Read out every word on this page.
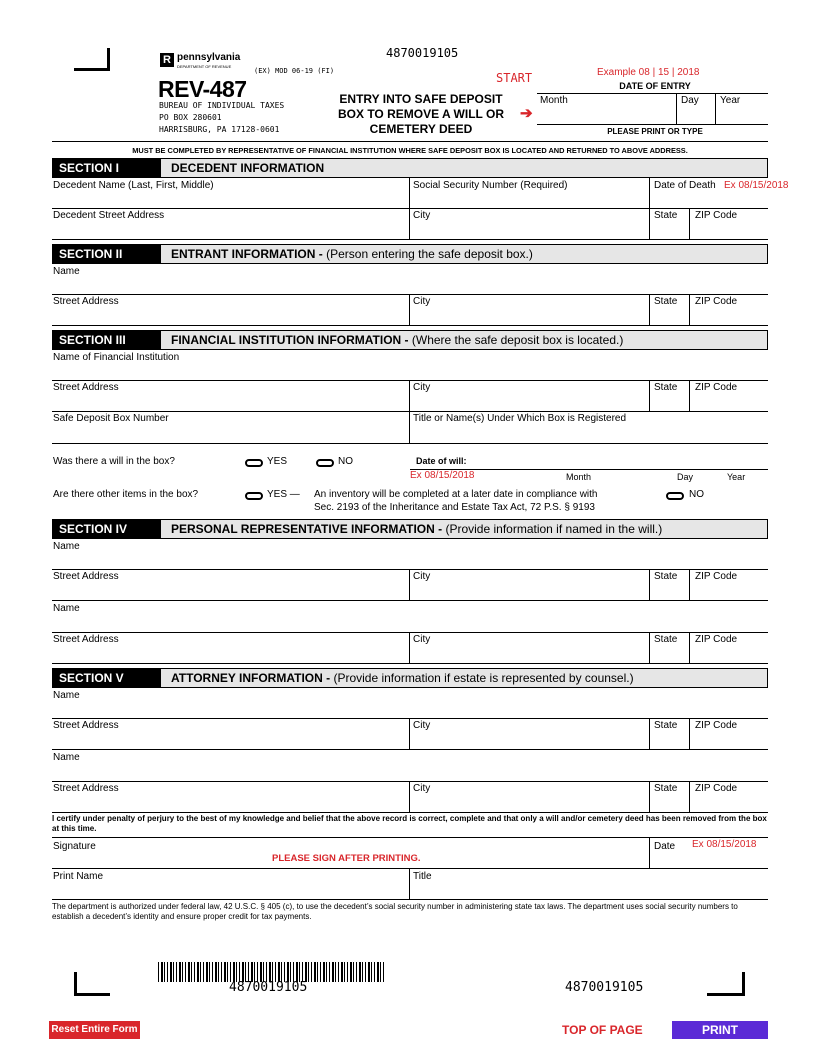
R pennsylvania
DEPARTMENT OF REVENUE
(EX) MOD 06-19 (FI)
REV-487
4870019105
BUREAU OF INDIVIDUAL TAXES
PO BOX 280601
HARRISBURG, PA 17128-0601
ENTRY INTO SAFE DEPOSIT
BOX TO REMOVE A WILL OR
CEMETERY DEED
START
➔
Example 08 | 15 | 2018
DATE OF ENTRY
Month	Day Year
PLEASE PRINT OR TYPE
MUST BE COMPLETED BY REPRESENTATIVE OF FINANCIAL INSTITUTION WHERE SAFE DEPOSIT BOX IS LOCATED AND RETURNED TO ABOVE ADDRESS.
SECTION I	DECEDENT INFORMATION
Decedent Name (Last, First, Middle)	Social Security Number (Required)	Date of Death Ex 08/15/2018
Decedent Street Address	City	State ZIP Code
SECTION II	ENTRANT INFORMATION - (Person entering the safe deposit box.)
Name
Street Address	City	State ZIP Code
SECTION III	FINANCIAL INSTITUTION INFORMATION - (Where the safe deposit box is located.)
Name of Financial Institution
Street Address	City	State ZIP Code
Safe Deposit Box Number	Title or Name(s) Under Which Box is Registered
Was there a will in the box?	YES	NO	Date of will:
Ex 08/15/2018	Month	Day	Year
Are there other items in the box?	YES — An inventory will be completed at a later date in compliance with
Sec. 2193 of the Inheritance and Estate Tax Act, 72 P.S. § 9193
NO
SECTION IV	PERSONAL REPRESENTATIVE INFORMATION - (Provide information if named in the will.)
Name
Street Address	City	State ZIP Code
Name
Street Address	City	State ZIP Code
SECTION V	ATTORNEY INFORMATION - (Provide information if estate is represented by counsel.)
Name
Street Address	City	State ZIP Code
Name
Street Address	City	State ZIP Code
I certify under penalty of perjury to the best of my knowledge and belief that the above record is correct, complete and that only a will and/or cemetery deed has been removed from the box at this time.
Signature
PLEASE SIGN AFTER PRINTING.
Date Ex 08/15/2018
Print Name	Title
The department is authorized under federal law, 42 U.S.C. § 405 (c), to use the decedent’s social security number in administering state tax laws. The department uses social security numbers to establish a decedent’s identity and ensure proper credit for tax payments.
4870019105	4870019105
Reset Entire Form	TOP OF PAGE	PRINT
